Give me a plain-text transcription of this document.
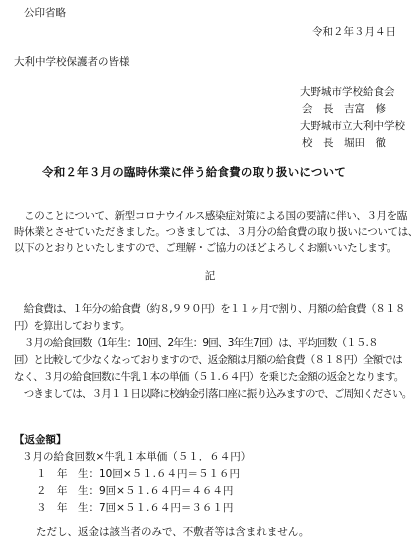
公印省略
令和２年３月４日
大利中学校保護者の皆様
大野城市学校給食会
会　長　吉富　修
大野城市立大利中学校
校　長　堀田　徹
令和２年３月の臨時休業に伴う給食費の取り扱いについて
　このことについて、新型コロナウイルス感染症対策による国の要請に伴い、３月を臨
時休業とさせていただきました。つきましては、３月分の給食費の取り扱いについては、
以下のとおりといたしますので、ご理解・ご協力のほどよろしくお願いいたします。
記
　給食費は、１年分の給食費（約８,９９０円）を１１ヶ月で割り、月額の給食費（８１８
円）を算出しております。
　３月の給食回数（1年生：10回、2年生：9回、3年生7回）は、平均回数（１５.８
回）と比較して少なくなっておりますので、返金額は月額の給食費（８１８円）全額では
なく、３月の給食回数に牛乳１本の単価（５１.６４円）を乗じた金額の返金となります。
　つきましては、３月１１日以降に校納金引落口座に振り込みますので、ご周知ください。
【返金額】
３月の給食回数×牛乳１本単価（５１．６４円）
１　年　生：10回×５１.６４円＝５１６円
２　年　生：9回×５１.６４円＝４６４円
３　年　生：7回×５１.６４円＝３６１円
ただし、返金は該当者のみで、不敷者等は含まれません。
